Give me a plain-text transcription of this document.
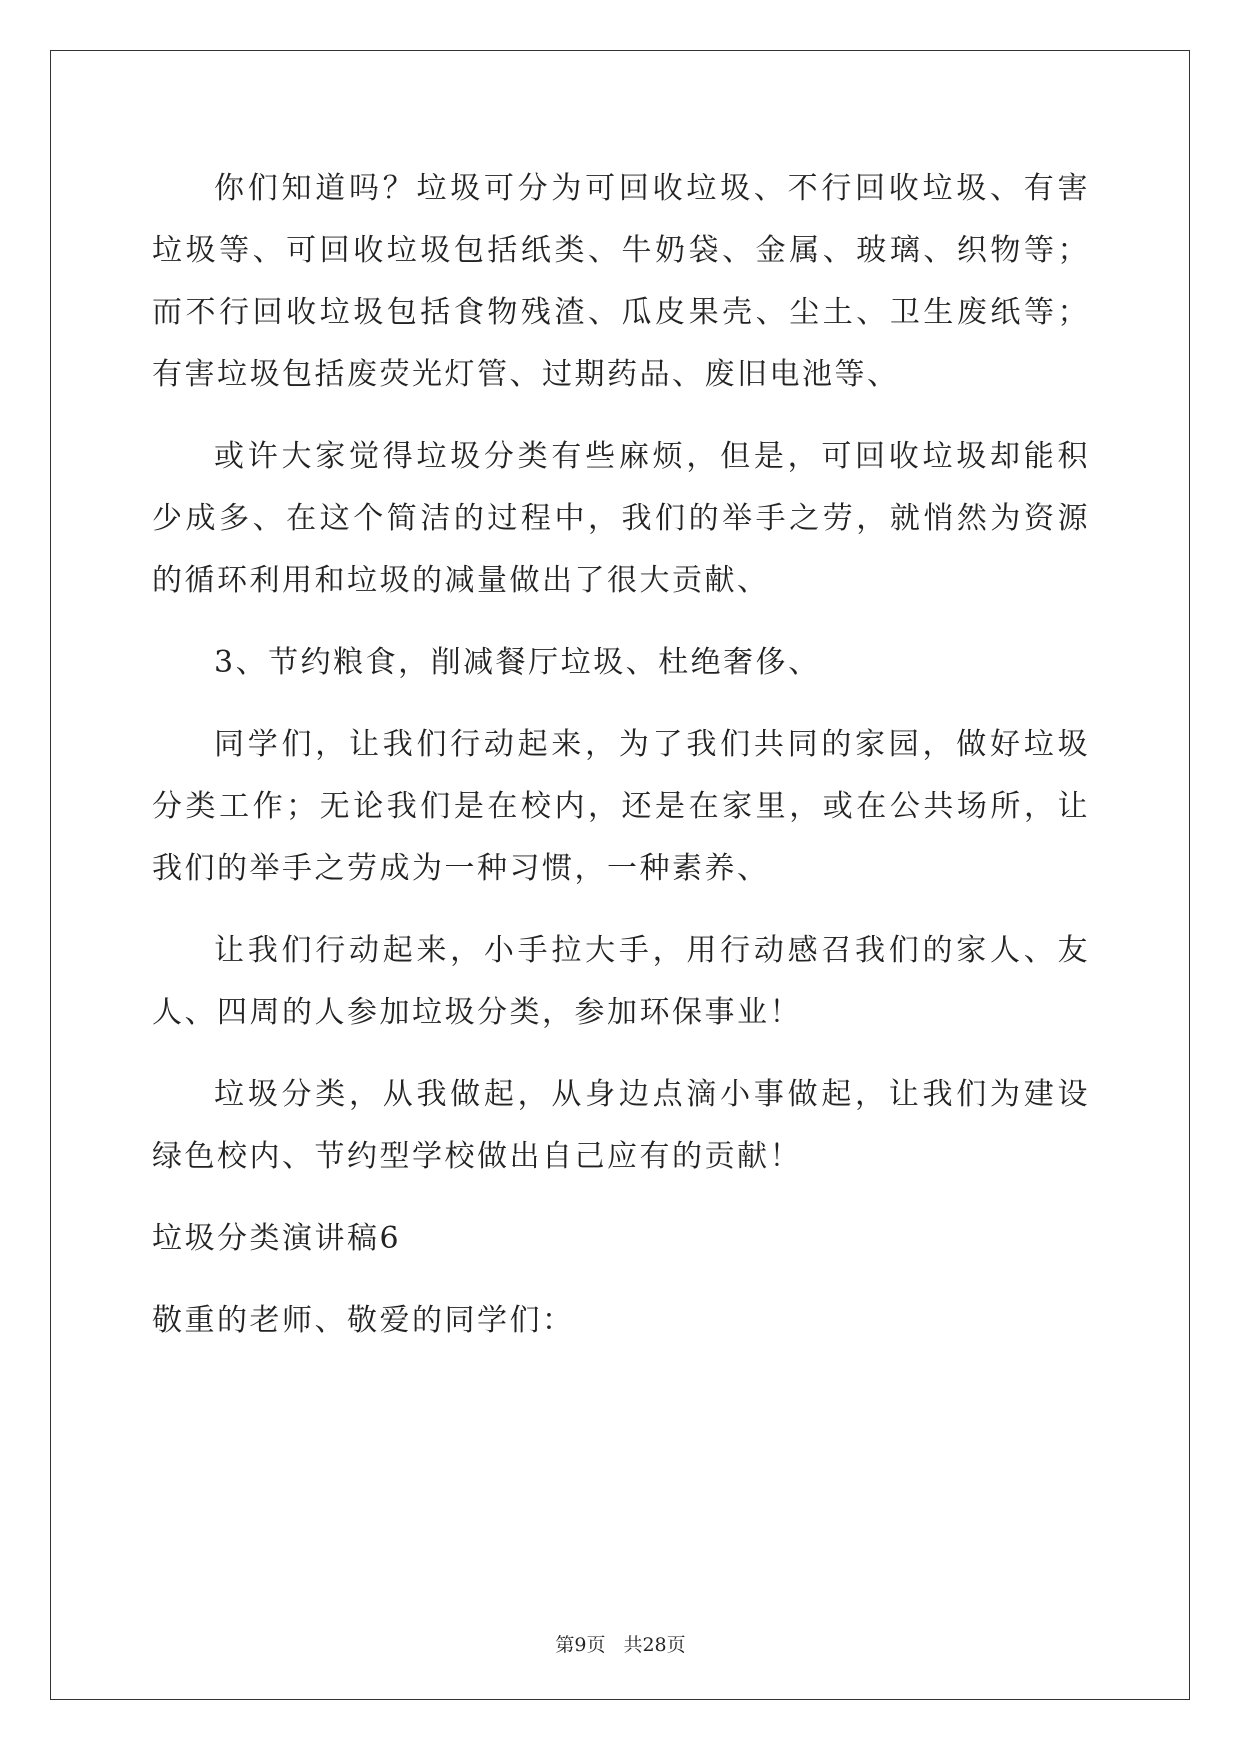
你们知道吗？垃圾可分为可回收垃圾、不行回收垃圾、有害垃圾等、可回收垃圾包括纸类、牛奶袋、金属、玻璃、织物等；而不行回收垃圾包括食物残渣、瓜皮果壳、尘土、卫生废纸等；有害垃圾包括废荧光灯管、过期药品、废旧电池等、

或许大家觉得垃圾分类有些麻烦，但是，可回收垃圾却能积少成多、在这个简洁的过程中，我们的举手之劳，就悄然为资源的循环利用和垃圾的减量做出了很大贡献、

3、节约粮食，削减餐厅垃圾、杜绝奢侈、

同学们，让我们行动起来，为了我们共同的家园，做好垃圾分类工作；无论我们是在校内，还是在家里，或在公共场所，让我们的举手之劳成为一种习惯，一种素养、

让我们行动起来，小手拉大手，用行动感召我们的家人、友人、四周的人参加垃圾分类，参加环保事业！

垃圾分类，从我做起，从身边点滴小事做起，让我们为建设绿色校内、节约型学校做出自己应有的贡献！

垃圾分类演讲稿6

敬重的老师、敬爱的同学们：

第9页 共28页
